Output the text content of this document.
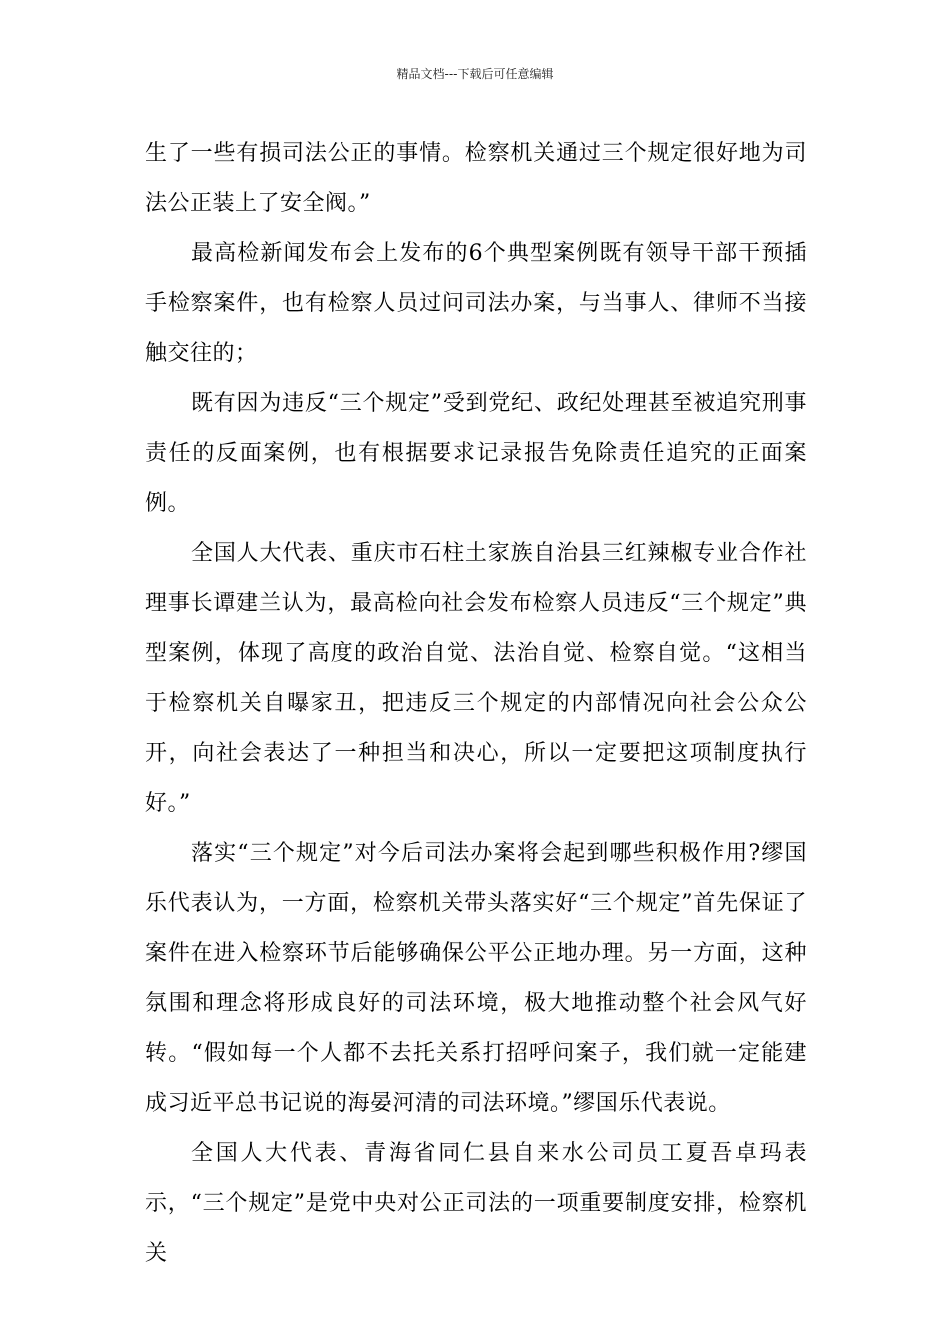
精品文档---下载后可任意编辑

生了一些有损司法公正的事情。检察机关通过三个规定很好地为司法公正装上了安全阀。”

最高检新闻发布会上发布的6个典型案例既有领导干部干预插手检察案件，也有检察人员过问司法办案，与当事人、律师不当接触交往的；

既有因为违反“三个规定”受到党纪、政纪处理甚至被追究刑事责任的反面案例，也有根据要求记录报告免除责任追究的正面案例。

全国人大代表、重庆市石柱土家族自治县三红辣椒专业合作社理事长谭建兰认为，最高检向社会发布检察人员违反“三个规定”典型案例，体现了高度的政治自觉、法治自觉、检察自觉。“这相当于检察机关自曝家丑，把违反三个规定的内部情况向社会公众公开，向社会表达了一种担当和决心，所以一定要把这项制度执行好。”

落实“三个规定”对今后司法办案将会起到哪些积极作用?缪国乐代表认为，一方面，检察机关带头落实好“三个规定”首先保证了案件在进入检察环节后能够确保公平公正地办理。另一方面，这种氛围和理念将形成良好的司法环境，极大地推动整个社会风气好转。“假如每一个人都不去托关系打招呼问案子，我们就一定能建成习近平总书记说的海晏河清的司法环境。”缪国乐代表说。

全国人大代表、青海省同仁县自来水公司员工夏吾卓玛表示，“三个规定”是党中央对公正司法的一项重要制度安排，检察机关
